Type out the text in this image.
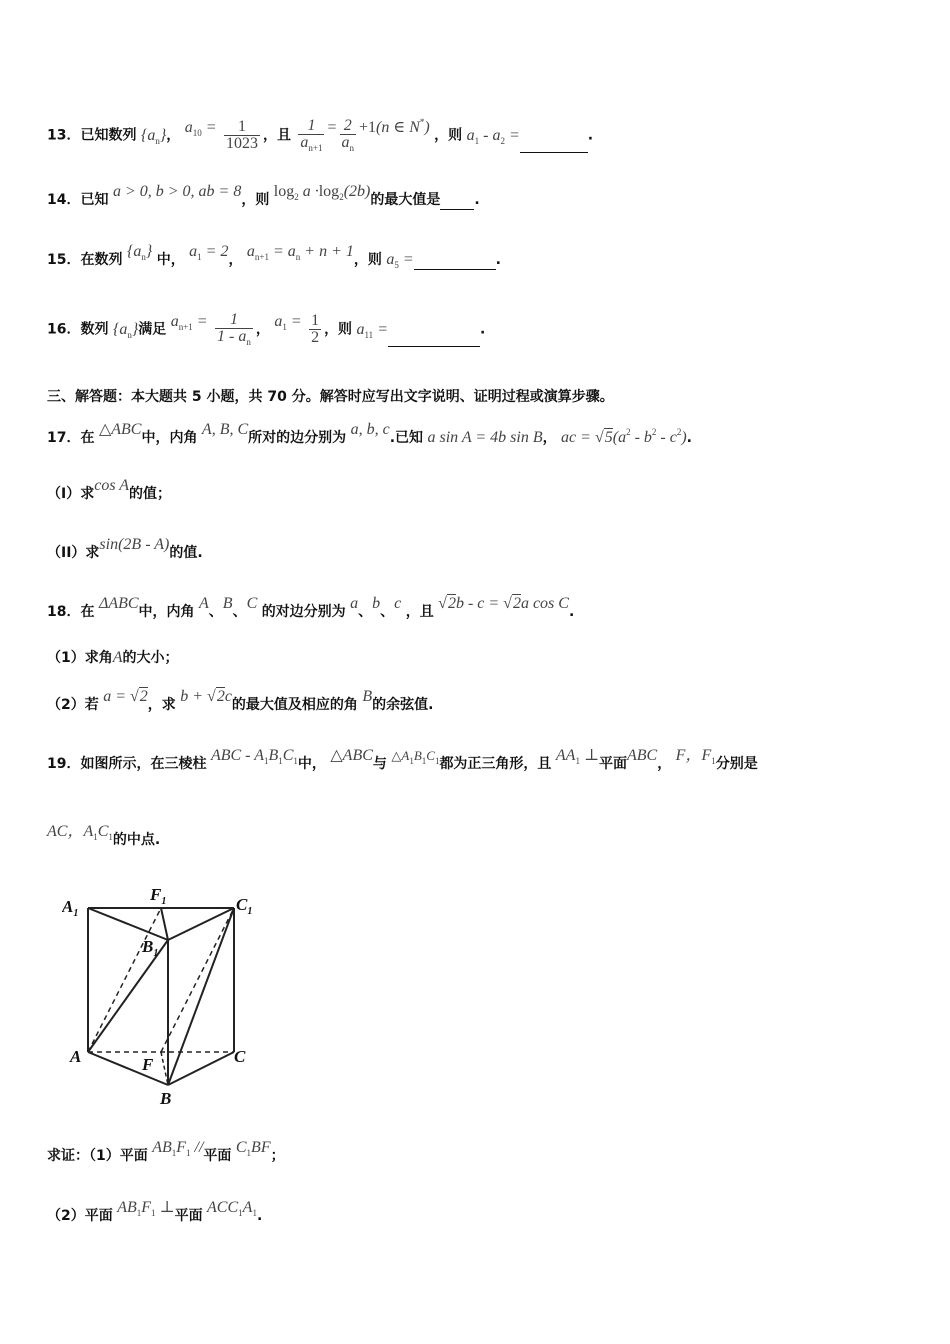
13．已知数列 $\{a_n\}$， $a_{10} = \frac{1}{1023}$ ，且 $\frac{1}{a_{n+1}} = \frac{2}{a_n} +1(n$ ∈ N*) ，则 $a_1 - a_2$ =	.
14．已知 a > 0, b > 0, ab = 8，则 $\log_2 a \cdot\log_2(2b)$的最大值是 .
15．在数列 $\{a_n\}$ 中， $a_1 = 2$， $a_{n+1} = a_n + n + 1$，则 $a_5$ =	.
16．数列 $\{a_n\}$满足 $a_{n+1} = \frac{1}{1 - a_n}$ ， $a_1 = \frac{1}{2}$ ，则 $a_{11}$ =	.
三、解答题：本大题共 5 小题，共 70 分。解答时应写出文字说明、证明过程或演算步骤。
17．在 △ABC中，内角 A, B, C所对的边分别为 a, b, c.已知 a sin A = 4b sin B， ac = $√5(a^2 - b^2 - c^2)$.
（I）求cos A的值；
（II）求sin(2B - A)的值.
18．在 ΔABC中，内角 A、B、C 的对边分别为 a、b、c ，且 √2b - c = √2a cos C.
（1）求角A的大小；
（2）若 a = √2，求 b + √2c的最大值及相应的角 B的余弦值.
19．如图所示，在三棱柱 ABC - $A_1B_1C_1$中， △ABC与 $\triangle A_1B_1C_1$都为正三角形，且 $AA_1$ ⊥平面ABC， F，$F_1$分别是
AC，$A_1C_1$的中点.
$A_1$
$F_1$	$C_1$
$B_1$
A	F	C
B
求证：（1）平面 $AB_1F_1$ //平面 $C_1BF$；
（2）平面 $AB_1F_1$ ⊥平面 $ACC_1A_1$.
